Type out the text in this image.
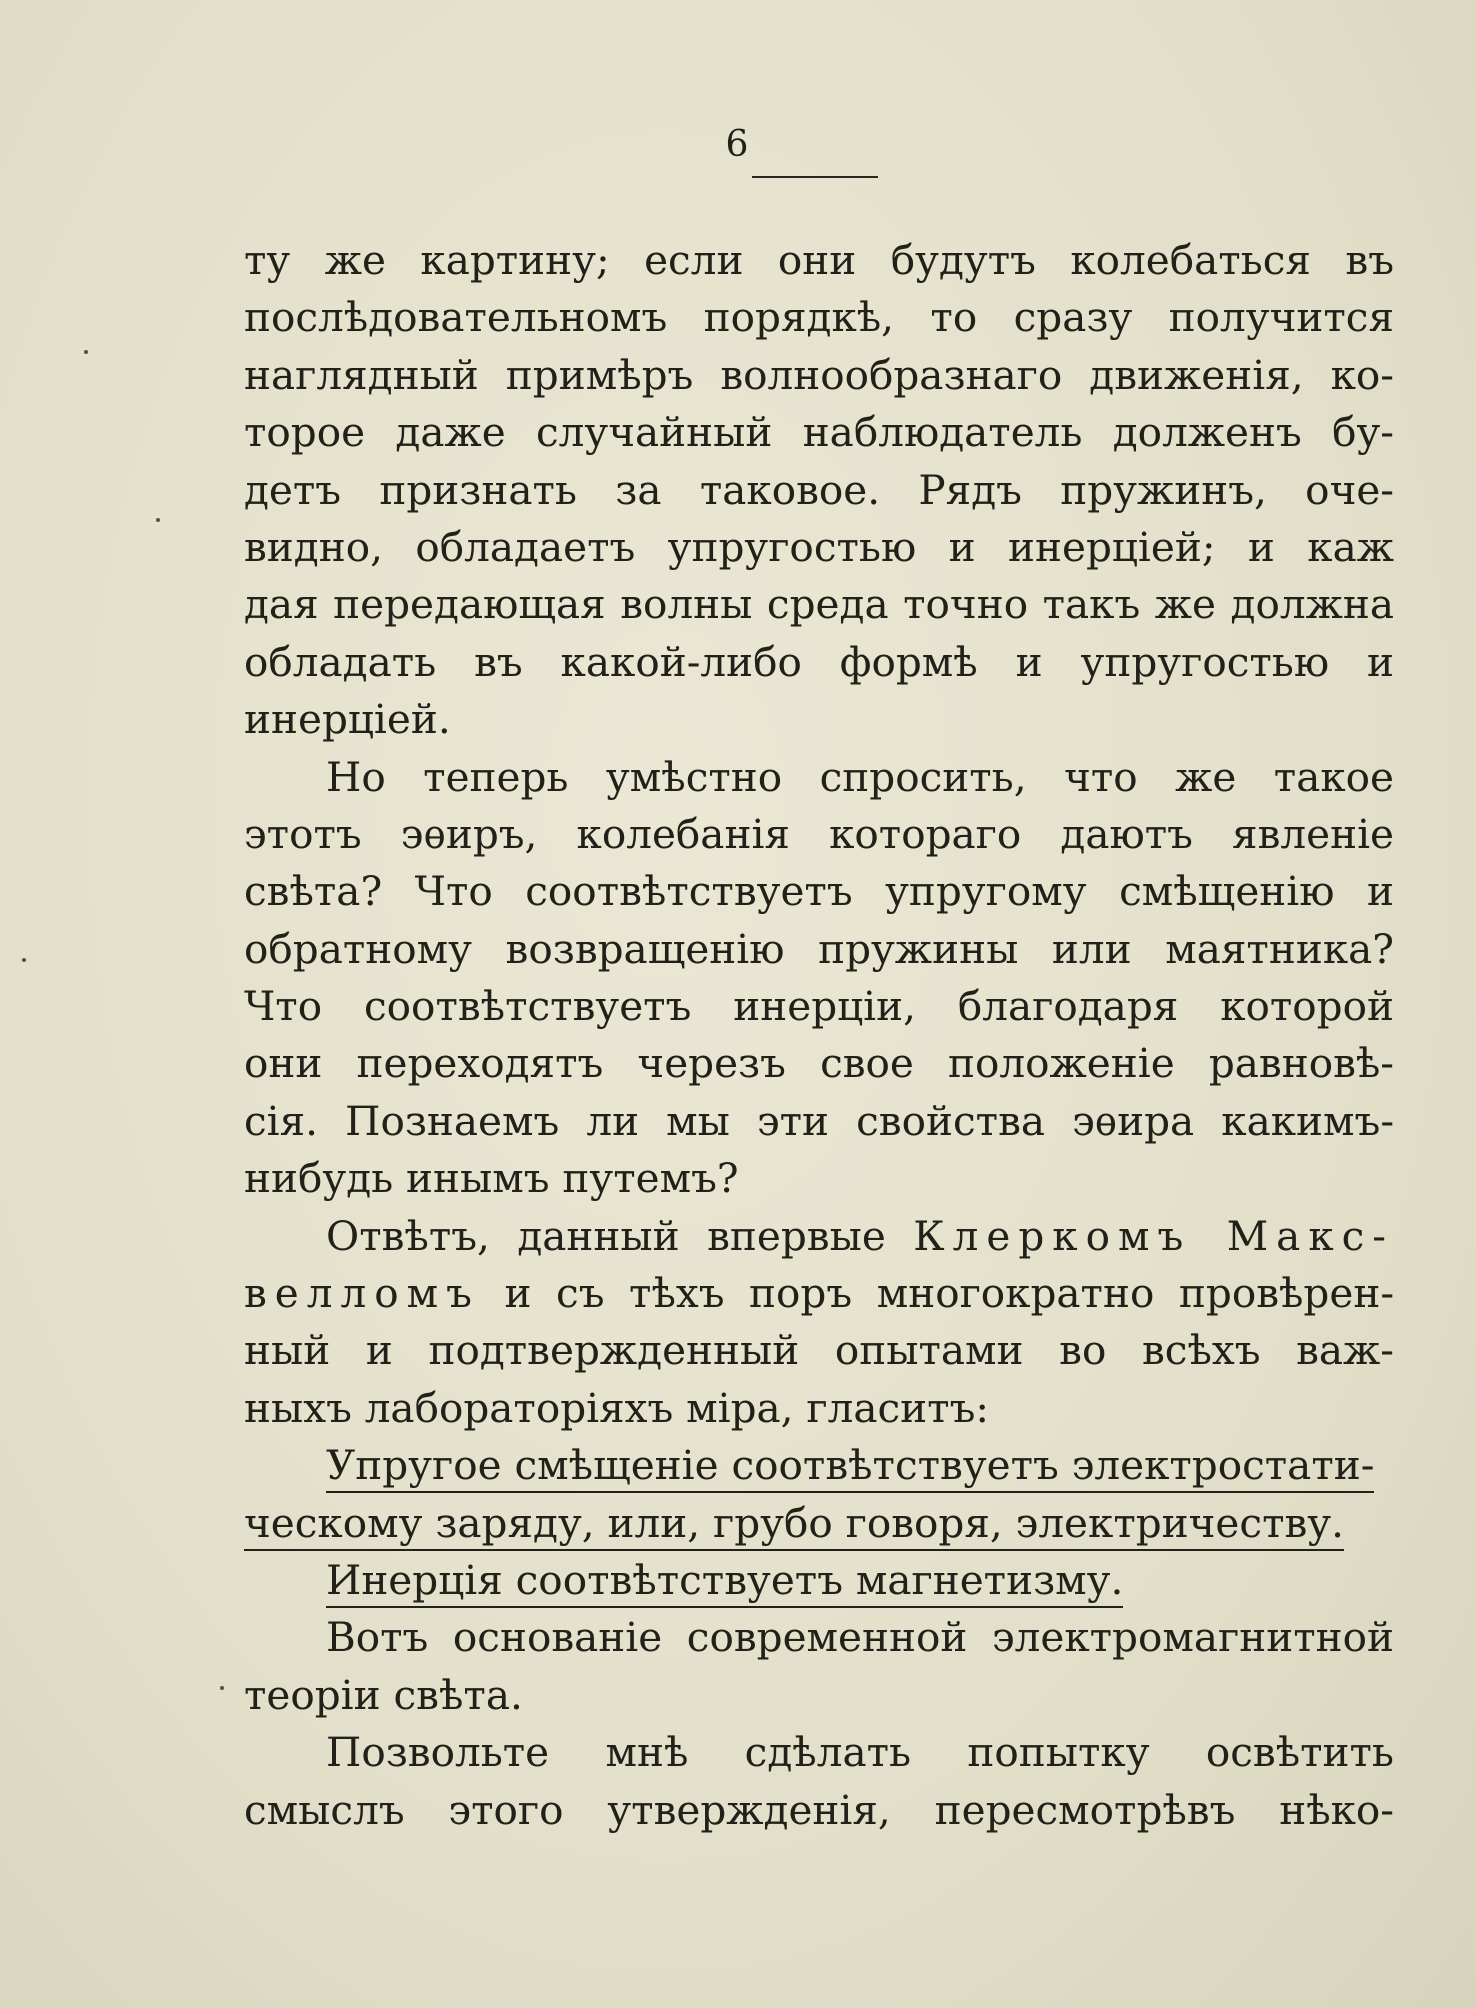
6
ту же картину; если они будутъ колебаться въ
послѣдовательномъ порядкѣ, то сразу получится
наглядный примѣръ волнообразнаго движенія, ко-
торое даже случайный наблюдатель долженъ бу-
детъ признать за таковое. Рядъ пружинъ, оче-
видно, обладаетъ упругостью и инерціей; и каж
дая передающая волны среда точно такъ же должна
обладать въ какой-либо формѣ и упругостью и
инерціей.
Но теперь умѣстно спросить, что же такое
этотъ эѳиръ, колебанія котораго даютъ явленіе
свѣта? Что соотвѣтствуетъ упругому смѣщенію и
обратному возвращенію пружины или маятника?
Что соотвѣтствуетъ инерціи, благодаря которой
они переходятъ черезъ свое положеніе равновѣ-
сія. Познаемъ ли мы эти свойства эѳира какимъ-
нибудь инымъ путемъ?
Отвѣтъ, данный впервые Клеркомъ Макс-
велломъ и съ тѣхъ поръ многократно провѣрен-
ный и подтвержденный опытами во всѣхъ важ-
ныхъ лабораторіяхъ міра, гласитъ:
Упругое смѣщеніе соотвѣтствуетъ электростати-
ческому заряду, или, грубо говоря, электричеству.
Инерція соотвѣтствуетъ магнетизму.
Вотъ основаніе современной электромагнитной
теоріи свѣта.
Позвольте мнѣ сдѣлать попытку освѣтить
смыслъ этого утвержденія, пересмотрѣвъ нѣко-
